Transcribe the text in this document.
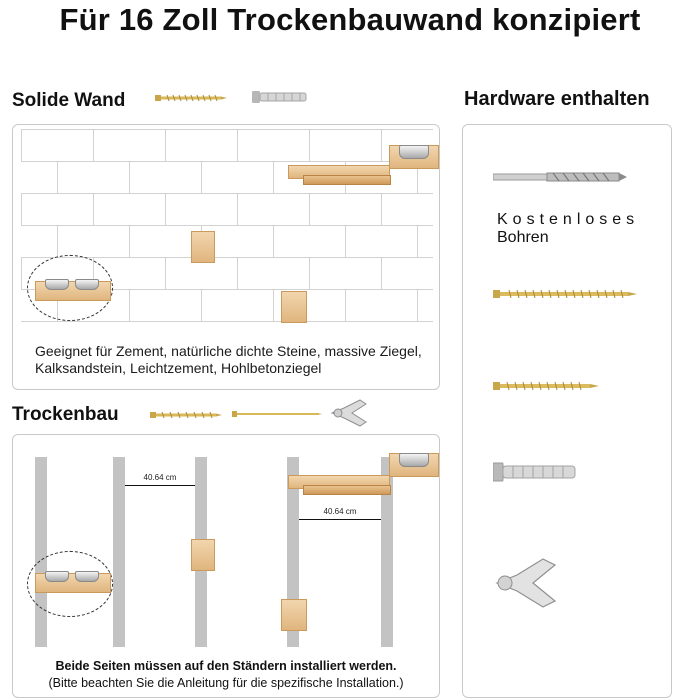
Für 16 Zoll Trockenbauwand konzipiert
Solide Wand
Geeignet für Zement, natürliche dichte Steine, massive Ziegel, Kalksandstein, Leichtzement, Hohlbetonziegel
Trockenbau
40.64 cm
40.64 cm
Beide Seiten müssen auf den Ständern installiert werden.
(Bitte beachten Sie die Anleitung für die spezifische Installation.)
Hardware enthalten
Kostenloses
Bohren
